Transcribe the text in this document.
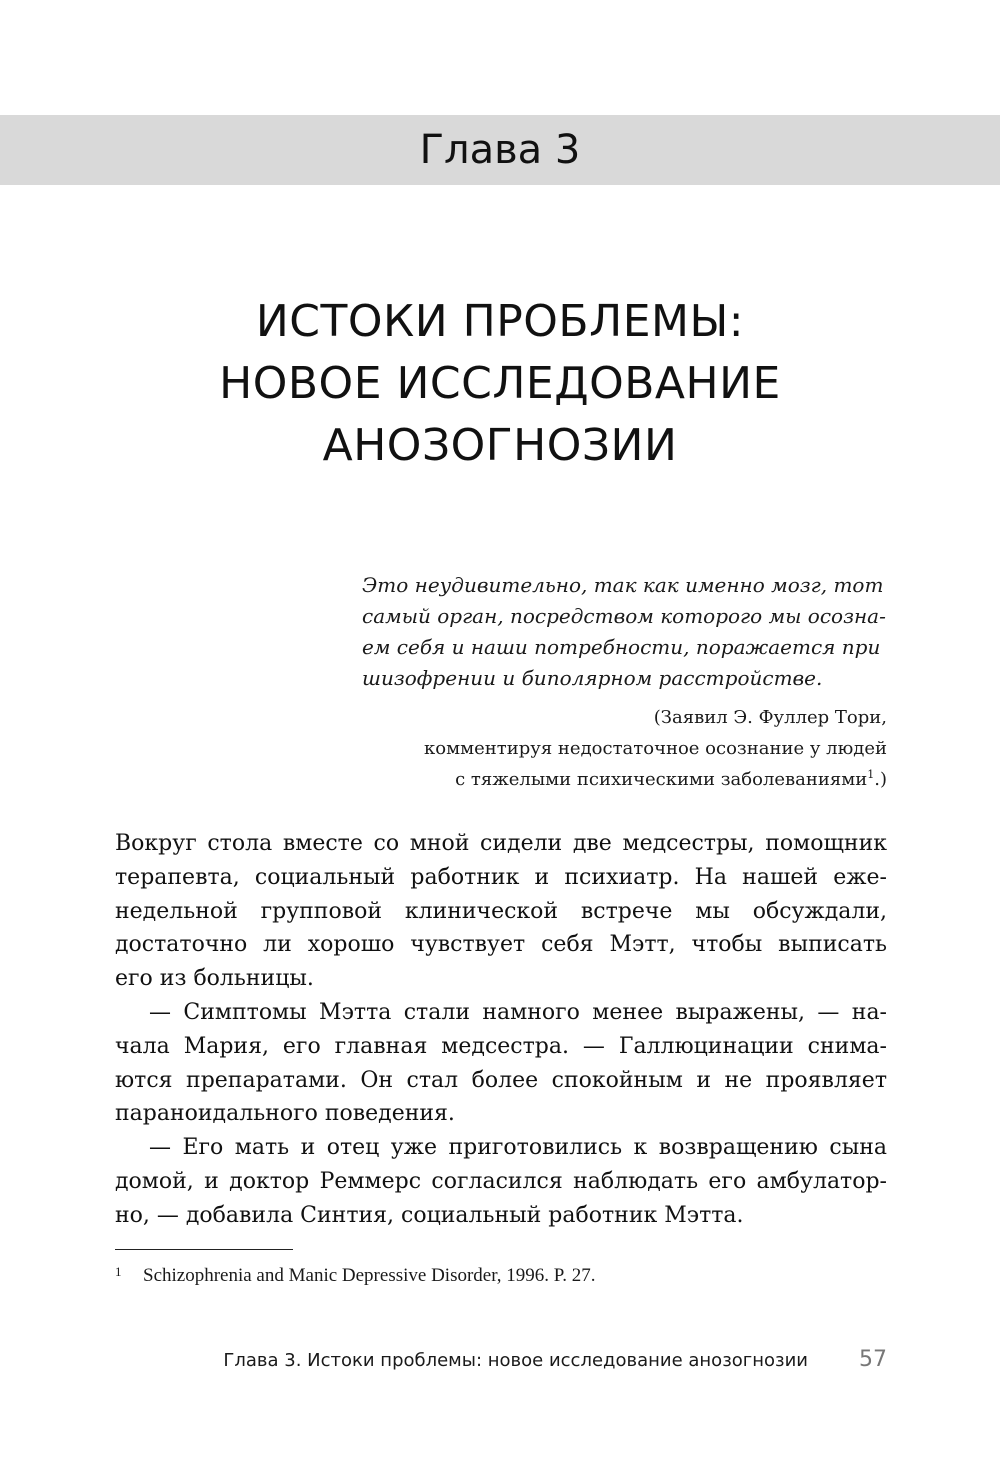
Глава 3
ИСТОКИ ПРОБЛЕМЫ:
НОВОЕ ИССЛЕДОВАНИЕ
АНОЗОГНОЗИИ
Это неудивительно, так как именно мозг, тот
самый орган, посредством которого мы осозна-
ем себя и наши потребности, поражается при
шизофрении и биполярном расстройстве.
(Заявил Э. Фуллер Тори,
комментируя недостаточное осознание у людей
с тяжелыми психическими заболеваниями$^1$.)
Вокруг стола вместе со мной сидели две медсестры, помощник
терапевта, социальный работник и психиатр. На нашей еже-
недельной групповой клинической встрече мы обсуждали,
достаточно ли хорошо чувствует себя Мэтт, чтобы выписать
его из больницы.
— Симптомы Мэтта стали намного менее выражены, — на-
чала Мария, его главная медсестра. — Галлюцинации снима-
ются препаратами. Он стал более спокойным и не проявляет
параноидального поведения.
— Его мать и отец уже приготовились к возвращению сына
домой, и доктор Реммерс согласился наблюдать его амбулатор-
но, — добавила Синтия, социальный работник Мэтта.
1 Schizophrenia and Manic Depressive Disorder, 1996. P. 27.
Глава 3. Истоки проблемы: новое исследование анозогнозии	57
